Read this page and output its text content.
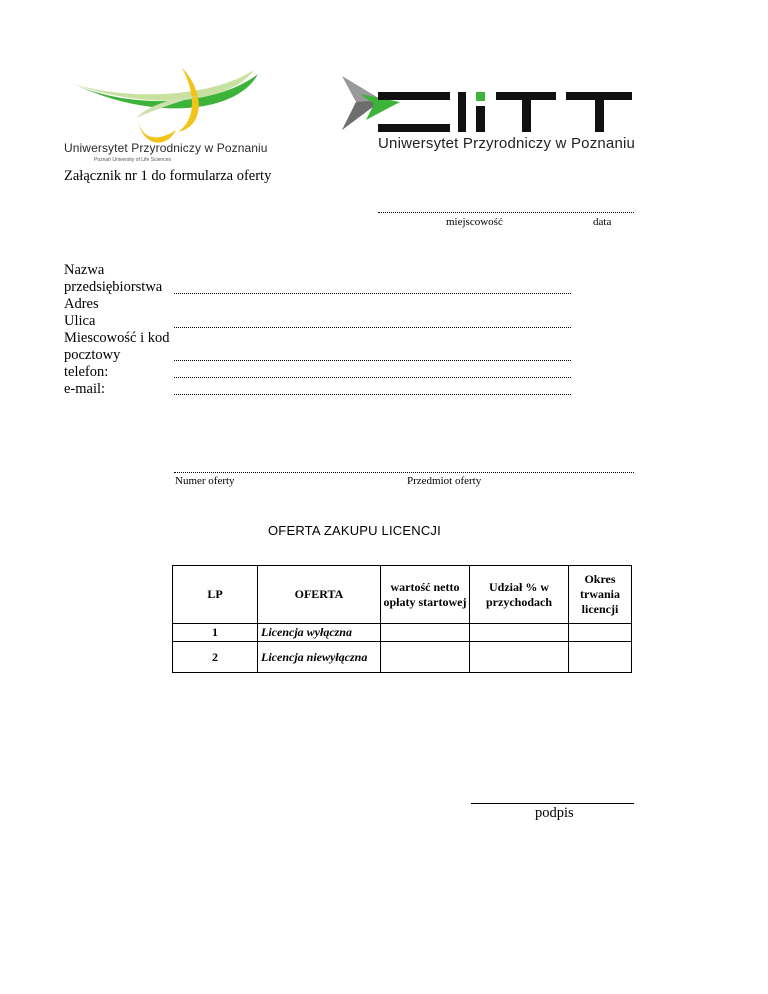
Uniwersytet Przyrodniczy w Poznaniu
Poznań University of Life Sciences
Uniwersytet Przyrodniczy w Poznaniu
Załącznik nr 1 do formularza oferty
miejscowość	data
Nazwa
przedsiębiorstwa
Adres
Ulica
Miescowość i kod
pocztowy
telefon:
e-mail:
Numer oferty	Przedmiot oferty
OFERTA ZAKUPU LICENCJI
LP	OFERTA	wartość netto opłaty startowej	Udział % w przychodach	Okres trwania licencji
1	Licencja wyłączna			
2	Licencja niewyłączna			
podpis
